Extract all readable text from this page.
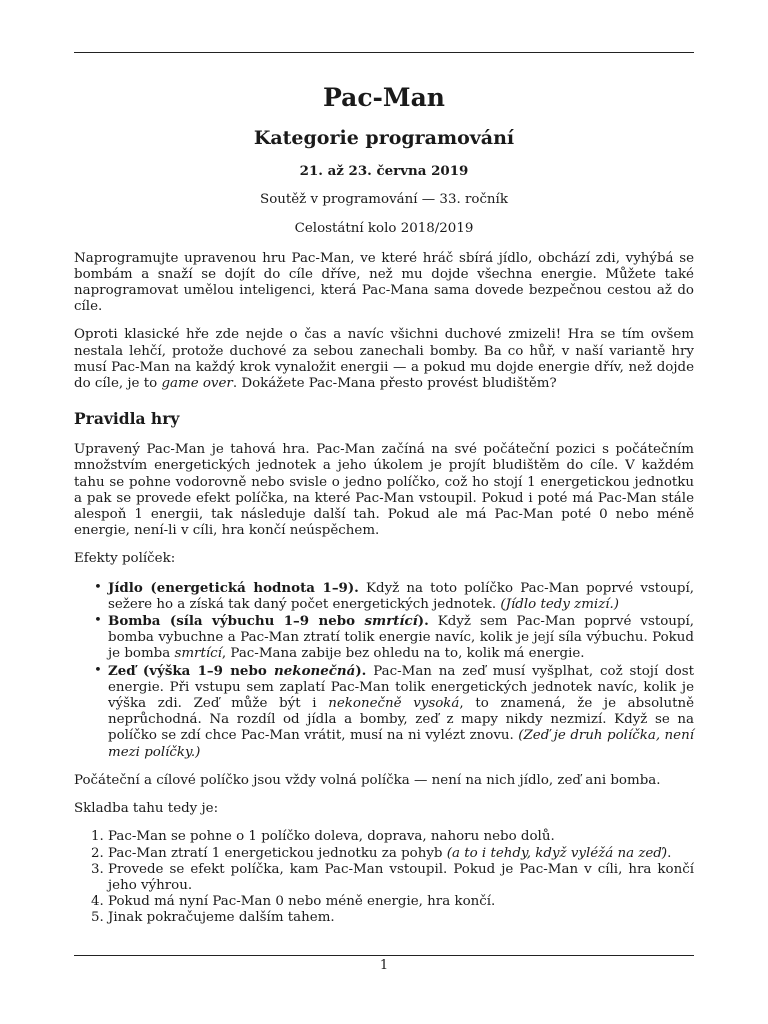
Pac-Man
Kategorie programování
21. až 23. června 2019
Soutěž v programování — 33. ročník
Celostátní kolo 2018/2019

Naprogramujte upravenou hru Pac-Man, ve které hráč sbírá jídlo, obchází zdi, vyhýbá se bombám a snaží se dojít do cíle dříve, než mu dojde všechna energie. Můžete také naprogramovat umělou inteligenci, která Pac-Mana sama dovede bezpečnou cestou až do cíle.

Oproti klasické hře zde nejde o čas a navíc všichni duchové zmizeli! Hra se tím ovšem nestala lehčí, protože duchové za sebou zanechali bomby. Ba co hůř, v naší variantě hry musí Pac-Man na každý krok vynaložit energii — a pokud mu dojde energie dřív, než dojde do cíle, je to game over. Dokážete Pac-Mana přesto provést bludištěm?

Pravidla hry

Upravený Pac-Man je tahová hra. Pac-Man začíná na své počáteční pozici s počátečním množstvím energetických jednotek a jeho úkolem je projít bludištěm do cíle. V každém tahu se pohne vodorovně nebo svisle o jedno políčko, což ho stojí 1 energetickou jednotku a pak se provede efekt políčka, na které Pac-Man vstoupil. Pokud i poté má Pac-Man stále alespoň 1 energii, tak následuje další tah. Pokud ale má Pac-Man poté 0 nebo méně energie, není-li v cíli, hra končí neúspěchem.

Efekty políček:

• Jídlo (energetická hodnota 1–9). Když na toto políčko Pac-Man poprvé vstoupí, sežere ho a získá tak daný počet energetických jednotek. (Jídlo tedy zmizí.)
• Bomba (síla výbuchu 1–9 nebo smrtící). Když sem Pac-Man poprvé vstoupí, bomba vybuchne a Pac-Man ztratí tolik energie navíc, kolik je její síla výbuchu. Pokud je bomba smrtící, Pac-Mana zabije bez ohledu na to, kolik má energie.
• Zeď (výška 1–9 nebo nekonečná). Pac-Man na zeď musí vyšplhat, což stojí dost energie. Při vstupu sem zaplatí Pac-Man tolik energetických jednotek navíc, kolik je výška zdi. Zeď může být i nekonečně vysoká, to znamená, že je absolutně neprůchodná. Na rozdíl od jídla a bomby, zeď z mapy nikdy nezmizí. Když se na políčko se zdí chce Pac-Man vrátit, musí na ni vylézt znovu. (Zeď je druh políčka, není mezi políčky.)

Počáteční a cílové políčko jsou vždy volná políčka — není na nich jídlo, zeď ani bomba.

Skladba tahu tedy je:

1. Pac-Man se pohne o 1 políčko doleva, doprava, nahoru nebo dolů.
2. Pac-Man ztratí 1 energetickou jednotku za pohyb (a to i tehdy, když vyléžá na zeď).
3. Provede se efekt políčka, kam Pac-Man vstoupil. Pokud je Pac-Man v cíli, hra končí jeho výhrou.
4. Pokud má nyní Pac-Man 0 nebo méně energie, hra končí.
5. Jinak pokračujeme dalším tahem.
1
